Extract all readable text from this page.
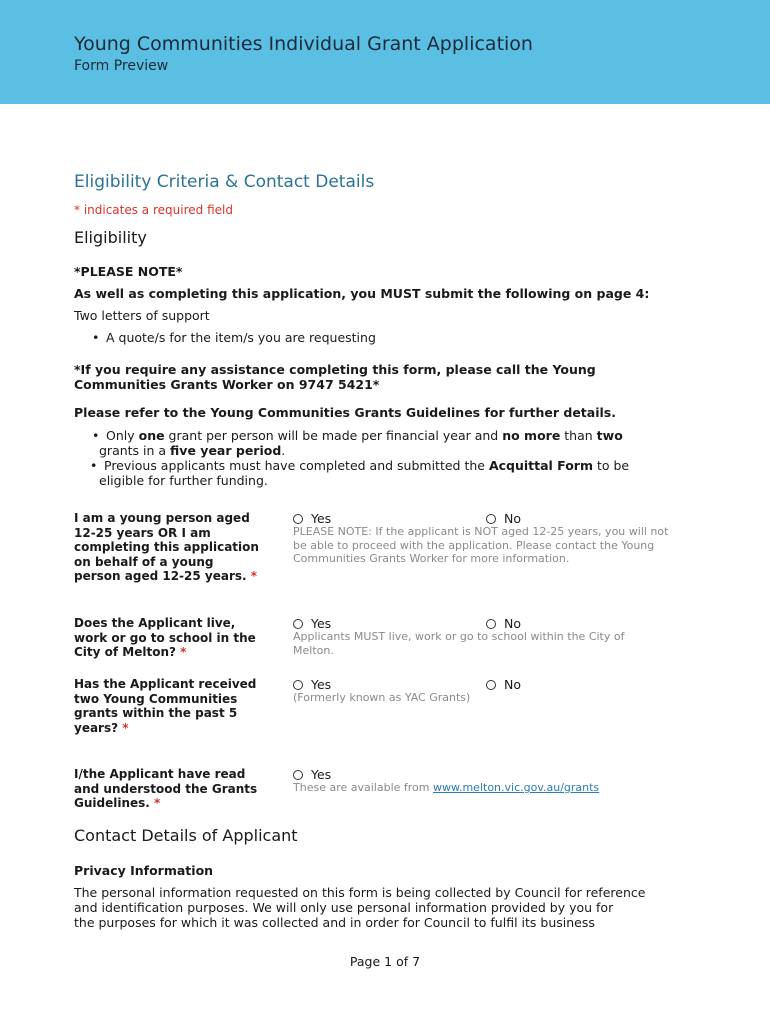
Young Communities Individual Grant Application
Form Preview
Eligibility Criteria & Contact Details
* indicates a required field
Eligibility
*PLEASE NOTE*
As well as completing this application, you MUST submit the following on page 4:
Two letters of support
• A quote/s for the item/s you are requesting
*If you require any assistance completing this form, please call the Young
Communities Grants Worker on 9747 5421*
Please refer to the Young Communities Grants Guidelines for further details.
• Only one grant per person will be made per financial year and no more than two
grants in a five year period.
• Previous applicants must have completed and submitted the Acquittal Form to be
eligible for further funding.
I am a young person aged 12-25 years OR I am completing this application on behalf of a young person aged 12-25 years. *
Yes	No
PLEASE NOTE: If the applicant is NOT aged 12-25 years, you will not be able to proceed with the application. Please contact the Young Communities Grants Worker for more information.
Does the Applicant live, work or go to school in the City of Melton? *
Yes	No
Applicants MUST live, work or go to school within the City of Melton.
Has the Applicant received two Young Communities grants within the past 5 years? *
Yes	No
(Formerly known as YAC Grants)
I/the Applicant have read and understood the Grants Guidelines. *
Yes
These are available from www.melton.vic.gov.au/grants
Contact Details of Applicant
Privacy Information
The personal information requested on this form is being collected by Council for reference
and identification purposes. We will only use personal information provided by you for
the purposes for which it was collected and in order for Council to fulfil its business
Page 1 of 7
